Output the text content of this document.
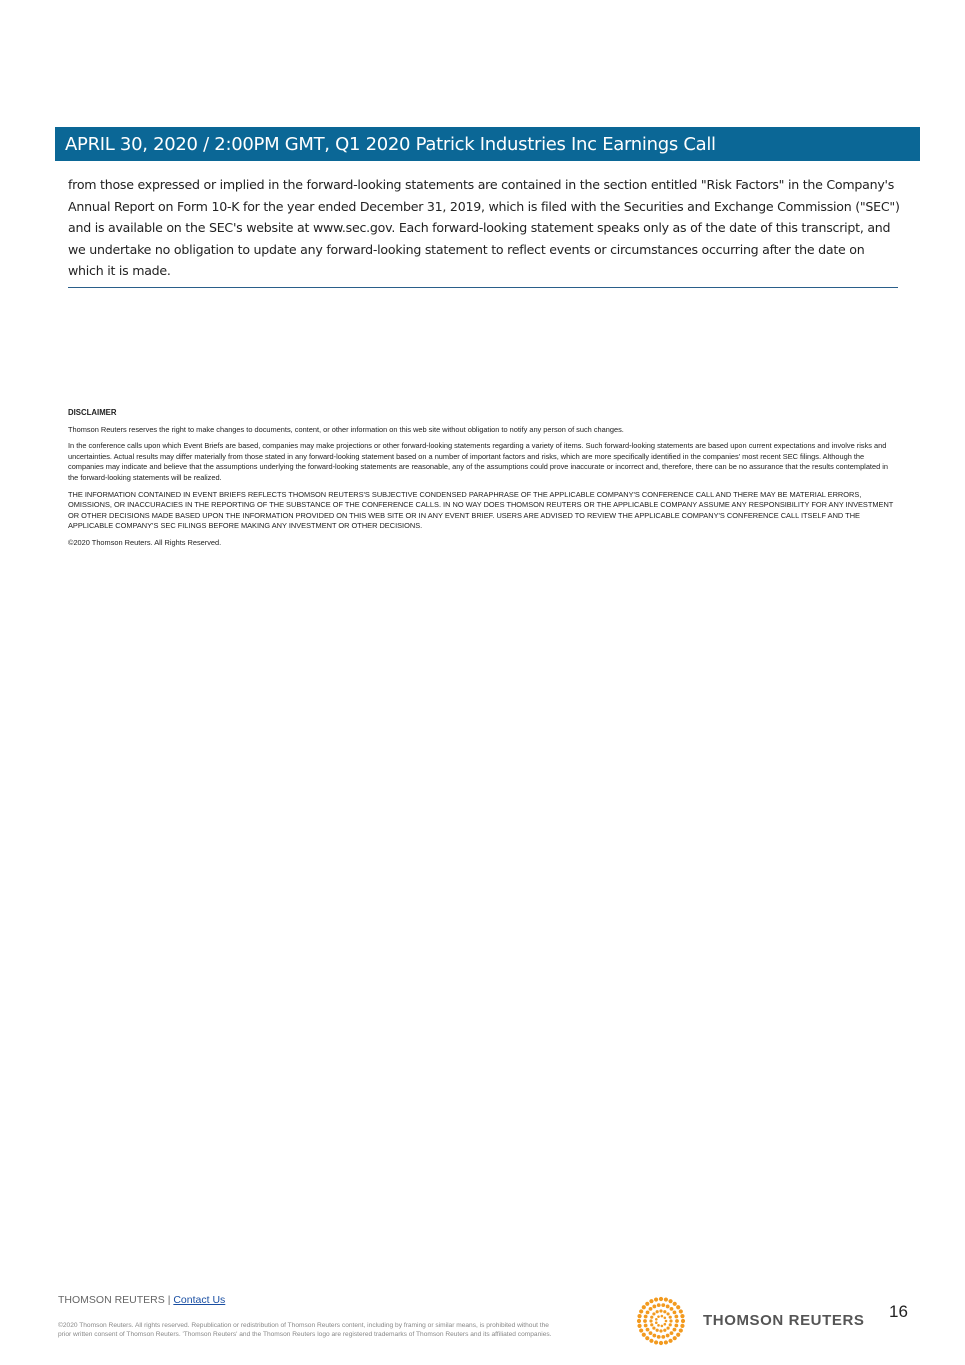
APRIL 30, 2020 / 2:00PM GMT, Q1 2020 Patrick Industries Inc Earnings Call

from those expressed or implied in the forward-looking statements are contained in the section entitled "Risk Factors" in the Company's Annual Report on Form 10-K for the year ended December 31, 2019, which is filed with the Securities and Exchange Commission ("SEC") and is available on the SEC's website at www.sec.gov. Each forward-looking statement speaks only as of the date of this transcript, and we undertake no obligation to update any forward-looking statement to reflect events or circumstances occurring after the date on which it is made.

DISCLAIMER

Thomson Reuters reserves the right to make changes to documents, content, or other information on this web site without obligation to notify any person of such changes.

In the conference calls upon which Event Briefs are based, companies may make projections or other forward-looking statements regarding a variety of items. Such forward-looking statements are based upon current expectations and involve risks and uncertainties. Actual results may differ materially from those stated in any forward-looking statement based on a number of important factors and risks, which are more specifically identified in the companies' most recent SEC filings. Although the companies may indicate and believe that the assumptions underlying the forward-looking statements are reasonable, any of the assumptions could prove inaccurate or incorrect and, therefore, there can be no assurance that the results contemplated in the forward-looking statements will be realized.

THE INFORMATION CONTAINED IN EVENT BRIEFS REFLECTS THOMSON REUTERS'S SUBJECTIVE CONDENSED PARAPHRASE OF THE APPLICABLE COMPANY'S CONFERENCE CALL AND THERE MAY BE MATERIAL ERRORS, OMISSIONS, OR INACCURACIES IN THE REPORTING OF THE SUBSTANCE OF THE CONFERENCE CALLS. IN NO WAY DOES THOMSON REUTERS OR THE APPLICABLE COMPANY ASSUME ANY RESPONSIBILITY FOR ANY INVESTMENT OR OTHER DECISIONS MADE BASED UPON THE INFORMATION PROVIDED ON THIS WEB SITE OR IN ANY EVENT BRIEF. USERS ARE ADVISED TO REVIEW THE APPLICABLE COMPANY'S CONFERENCE CALL ITSELF AND THE APPLICABLE COMPANY'S SEC FILINGS BEFORE MAKING ANY INVESTMENT OR OTHER DECISIONS.

©2020 Thomson Reuters. All Rights Reserved.

THOMSON REUTERS | Contact Us
©2020 Thomson Reuters. All rights reserved. Republication or redistribution of Thomson Reuters content, including by framing or similar means, is prohibited without the prior written consent of Thomson Reuters. 'Thomson Reuters' and the Thomson Reuters logo are registered trademarks of Thomson Reuters and its affiliated companies.
THOMSON REUTERS 16
